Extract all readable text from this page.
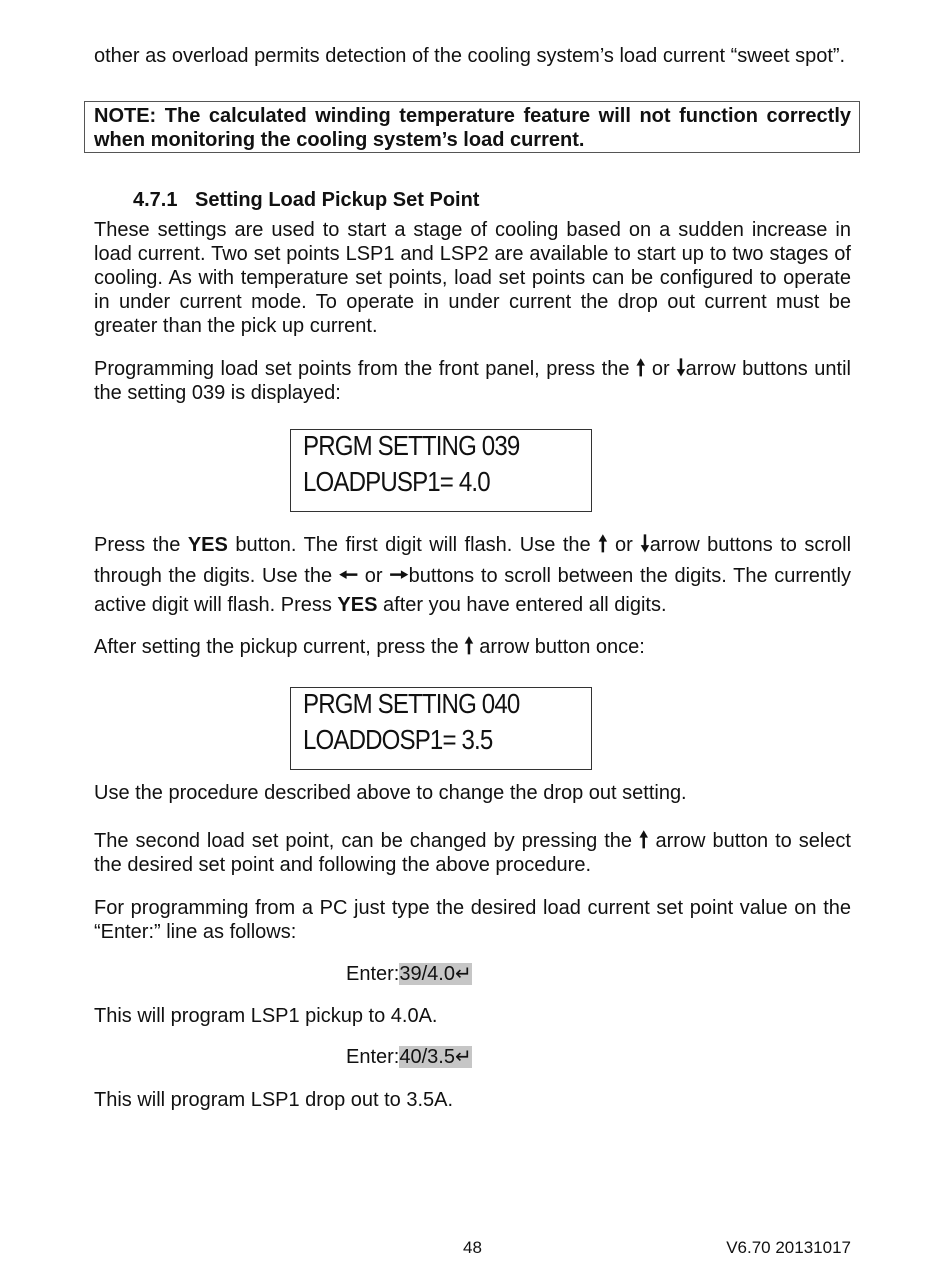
other as overload permits detection of the cooling system’s load current “sweet spot”.

NOTE: The calculated winding temperature feature will not function correctly when monitoring the cooling system’s load current.

4.7.1 Setting Load Pickup Set Point

These settings are used to start a stage of cooling based on a sudden increase in load current. Two set points LSP1 and LSP2 are available to start up to two stages of cooling. As with temperature set points, load set points can be configured to operate in under current mode. To operate in under current the drop out current must be greater than the pick up current.

Programming load set points from the front panel, press the 🠕 or 🠗arrow buttons until the setting 039 is displayed:

PRGM SETTING 039
LOADPUSP1= 4.0

Press the YES button. The first digit will flash. Use the 🠕 or 🠗arrow buttons to scroll through the digits. Use the 🠔 or 🠖buttons to scroll between the digits. The currently active digit will flash. Press YES after you have entered all digits.

After setting the pickup current, press the 🠕 arrow button once:

PRGM SETTING 040
LOADDOSP1= 3.5

Use the procedure described above to change the drop out setting.

The second load set point, can be changed by pressing the 🠕 arrow button to select the desired set point and following the above procedure.

For programming from a PC just type the desired load current set point value on the “Enter:” line as follows:

Enter:39/4.0↵

This will program LSP1 pickup to 4.0A.

Enter:40/3.5↵

This will program LSP1 drop out to 3.5A.

48	V6.70 20131017
